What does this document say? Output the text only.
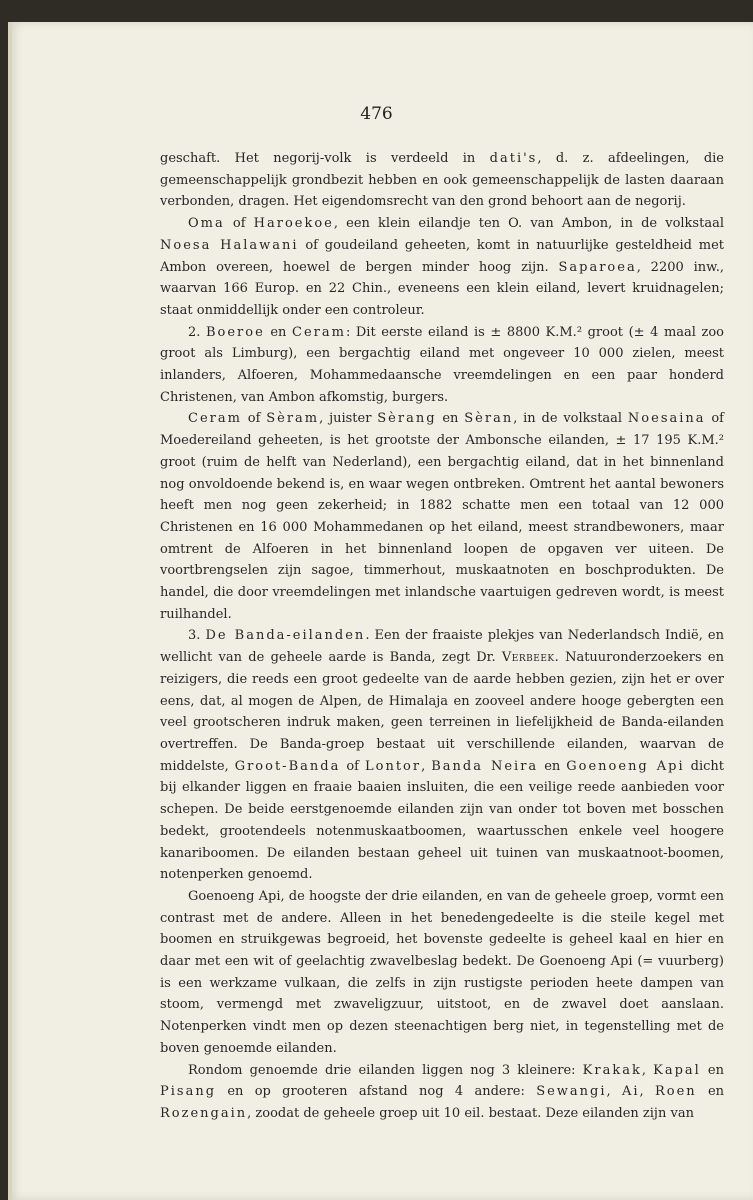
476

geschaft. Het negorij-volk is verdeeld in dati's, d. z. afdeelingen, die gemeenschappelijk grondbezit hebben en ook gemeenschappelijk de lasten daaraan verbonden, dragen. Het eigendomsrecht van den grond behoort aan de negorij.

Oma of Haroekoe, een klein eilandje ten O. van Ambon, in de volkstaal Noesa Halawani of goudeiland geheeten, komt in natuurlijke gesteldheid met Ambon overeen, hoewel de bergen minder hoog zijn. Saparoea, 2200 inw., waarvan 166 Europ. en 22 Chin., eveneens een klein eiland, levert kruidnagelen; staat onmiddellijk onder een controleur.

2. Boeroe en Ceram: Dit eerste eiland is ± 8800 K.M.² groot (± 4 maal zoo groot als Limburg), een bergachtig eiland met ongeveer 10 000 zielen, meest inlanders, Alfoeren, Mohammedaansche vreemdelingen en een paar honderd Christenen, van Ambon afkomstig, burgers.

Ceram of Sèram, juister Sèrang en Sèran, in de volkstaal Noesaina of Moedereiland geheeten, is het grootste der Ambonsche eilanden, ± 17 195 K.M.² groot (ruim de helft van Nederland), een bergachtig eiland, dat in het binnenland nog onvoldoende bekend is, en waar wegen ontbreken. Omtrent het aantal bewoners heeft men nog geen zekerheid; in 1882 schatte men een totaal van 12 000 Christenen en 16 000 Mohammedanen op het eiland, meest strandbewoners, maar omtrent de Alfoeren in het binnenland loopen de opgaven ver uiteen. De voortbrengselen zijn sagoe, timmerhout, muskaatnoten en boschprodukten. De handel, die door vreemdelingen met inlandsche vaartuigen gedreven wordt, is meest ruilhandel.

3. De Banda-eilanden. Een der fraaiste plekjes van Nederlandsch Indië, en wellicht van de geheele aarde is Banda, zegt Dr. Verbeek. Natuuronderzoekers en reizigers, die reeds een groot gedeelte van de aarde hebben gezien, zijn het er over eens, dat, al mogen de Alpen, de Himalaja en zooveel andere hooge gebergten een veel grootscheren indruk maken, geen terreinen in liefelijkheid de Banda-eilanden overtreffen. De Banda-groep bestaat uit verschillende eilanden, waarvan de middelste, Groot-Banda of Lontor, Banda Neira en Goenoeng Api dicht bij elkander liggen en fraaie baaien insluiten, die een veilige reede aanbieden voor schepen. De beide eerstgenoemde eilanden zijn van onder tot boven met bosschen bedekt, grootendeels notenmuskaatboomen, waartusschen enkele veel hoogere kanariboomen. De eilanden bestaan geheel uit tuinen van muskaatnoot-boomen, notenperken genoemd.

Goenoeng Api, de hoogste der drie eilanden, en van de geheele groep, vormt een contrast met de andere. Alleen in het benedengedeelte is die steile kegel met boomen en struikgewas begroeid, het bovenste gedeelte is geheel kaal en hier en daar met een wit of geelachtig zwavelbeslag bedekt. De Goenoeng Api (= vuurberg) is een werkzame vulkaan, die zelfs in zijn rustigste perioden heete dampen van stoom, vermengd met zwaveligzuur, uitstoot, en de zwavel doet aanslaan. Notenperken vindt men op dezen steenachtigen berg niet, in tegenstelling met de boven genoemde eilanden.

Rondom genoemde drie eilanden liggen nog 3 kleinere: Krakak, Kapal en Pisang en op grooteren afstand nog 4 andere: Sewangi, Ai, Roen en Rozengain, zoodat de geheele groep uit 10 eil. bestaat. Deze eilanden zijn van
